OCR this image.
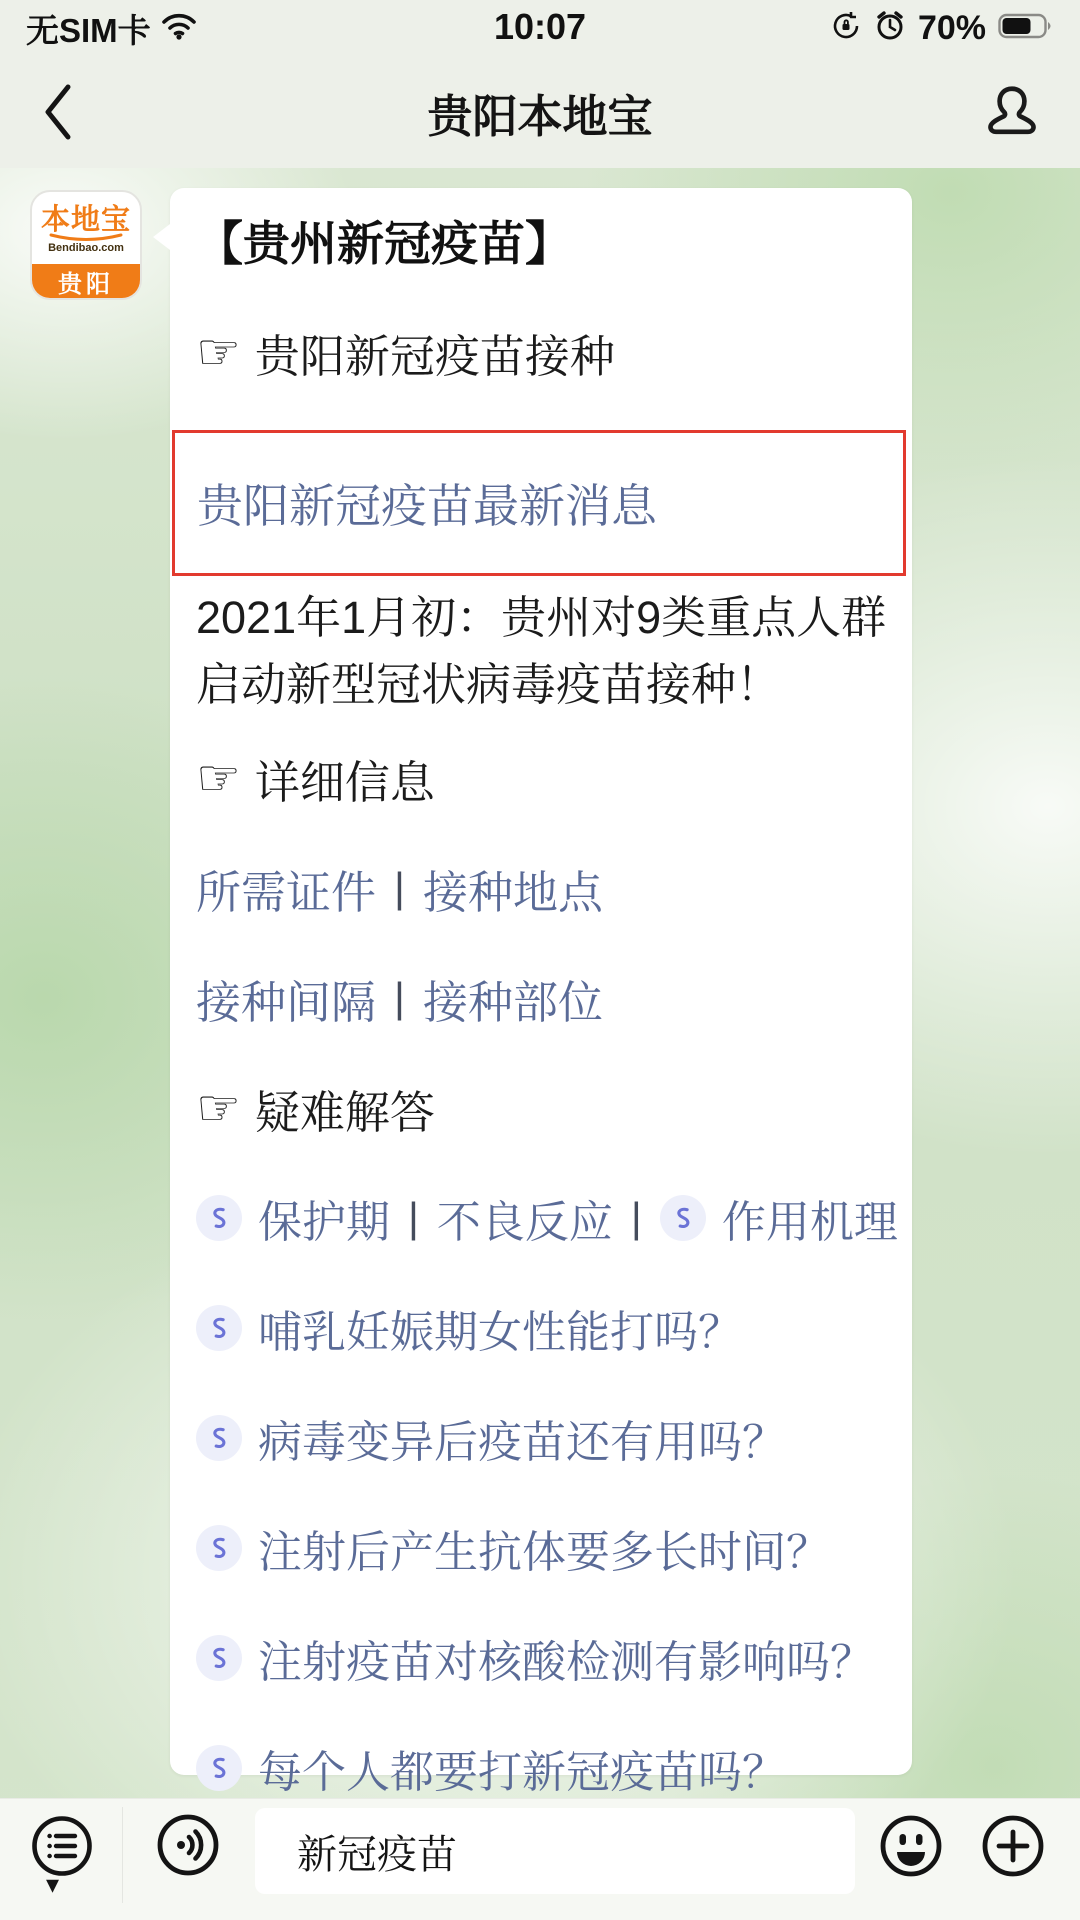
无SIM卡	10:07	70%
贵阳本地宝
本地宝
Bendibao.com
贵阳
【贵州新冠疫苗】
☞ 贵阳新冠疫苗接种
贵阳新冠疫苗最新消息
2021年1月初：贵州对9类重点人群启动新型冠状病毒疫苗接种！
☞ 详细信息
所需证件 | 接种地点
接种间隔 | 接种部位
☞ 疑难解答
保护期 | 不良反应 | 作用机理
哺乳妊娠期女性能打吗？
病毒变异后疫苗还有用吗？
注射后产生抗体要多长时间？
注射疫苗对核酸检测有影响吗？
每个人都要打新冠疫苗吗？
▾
新冠疫苗
